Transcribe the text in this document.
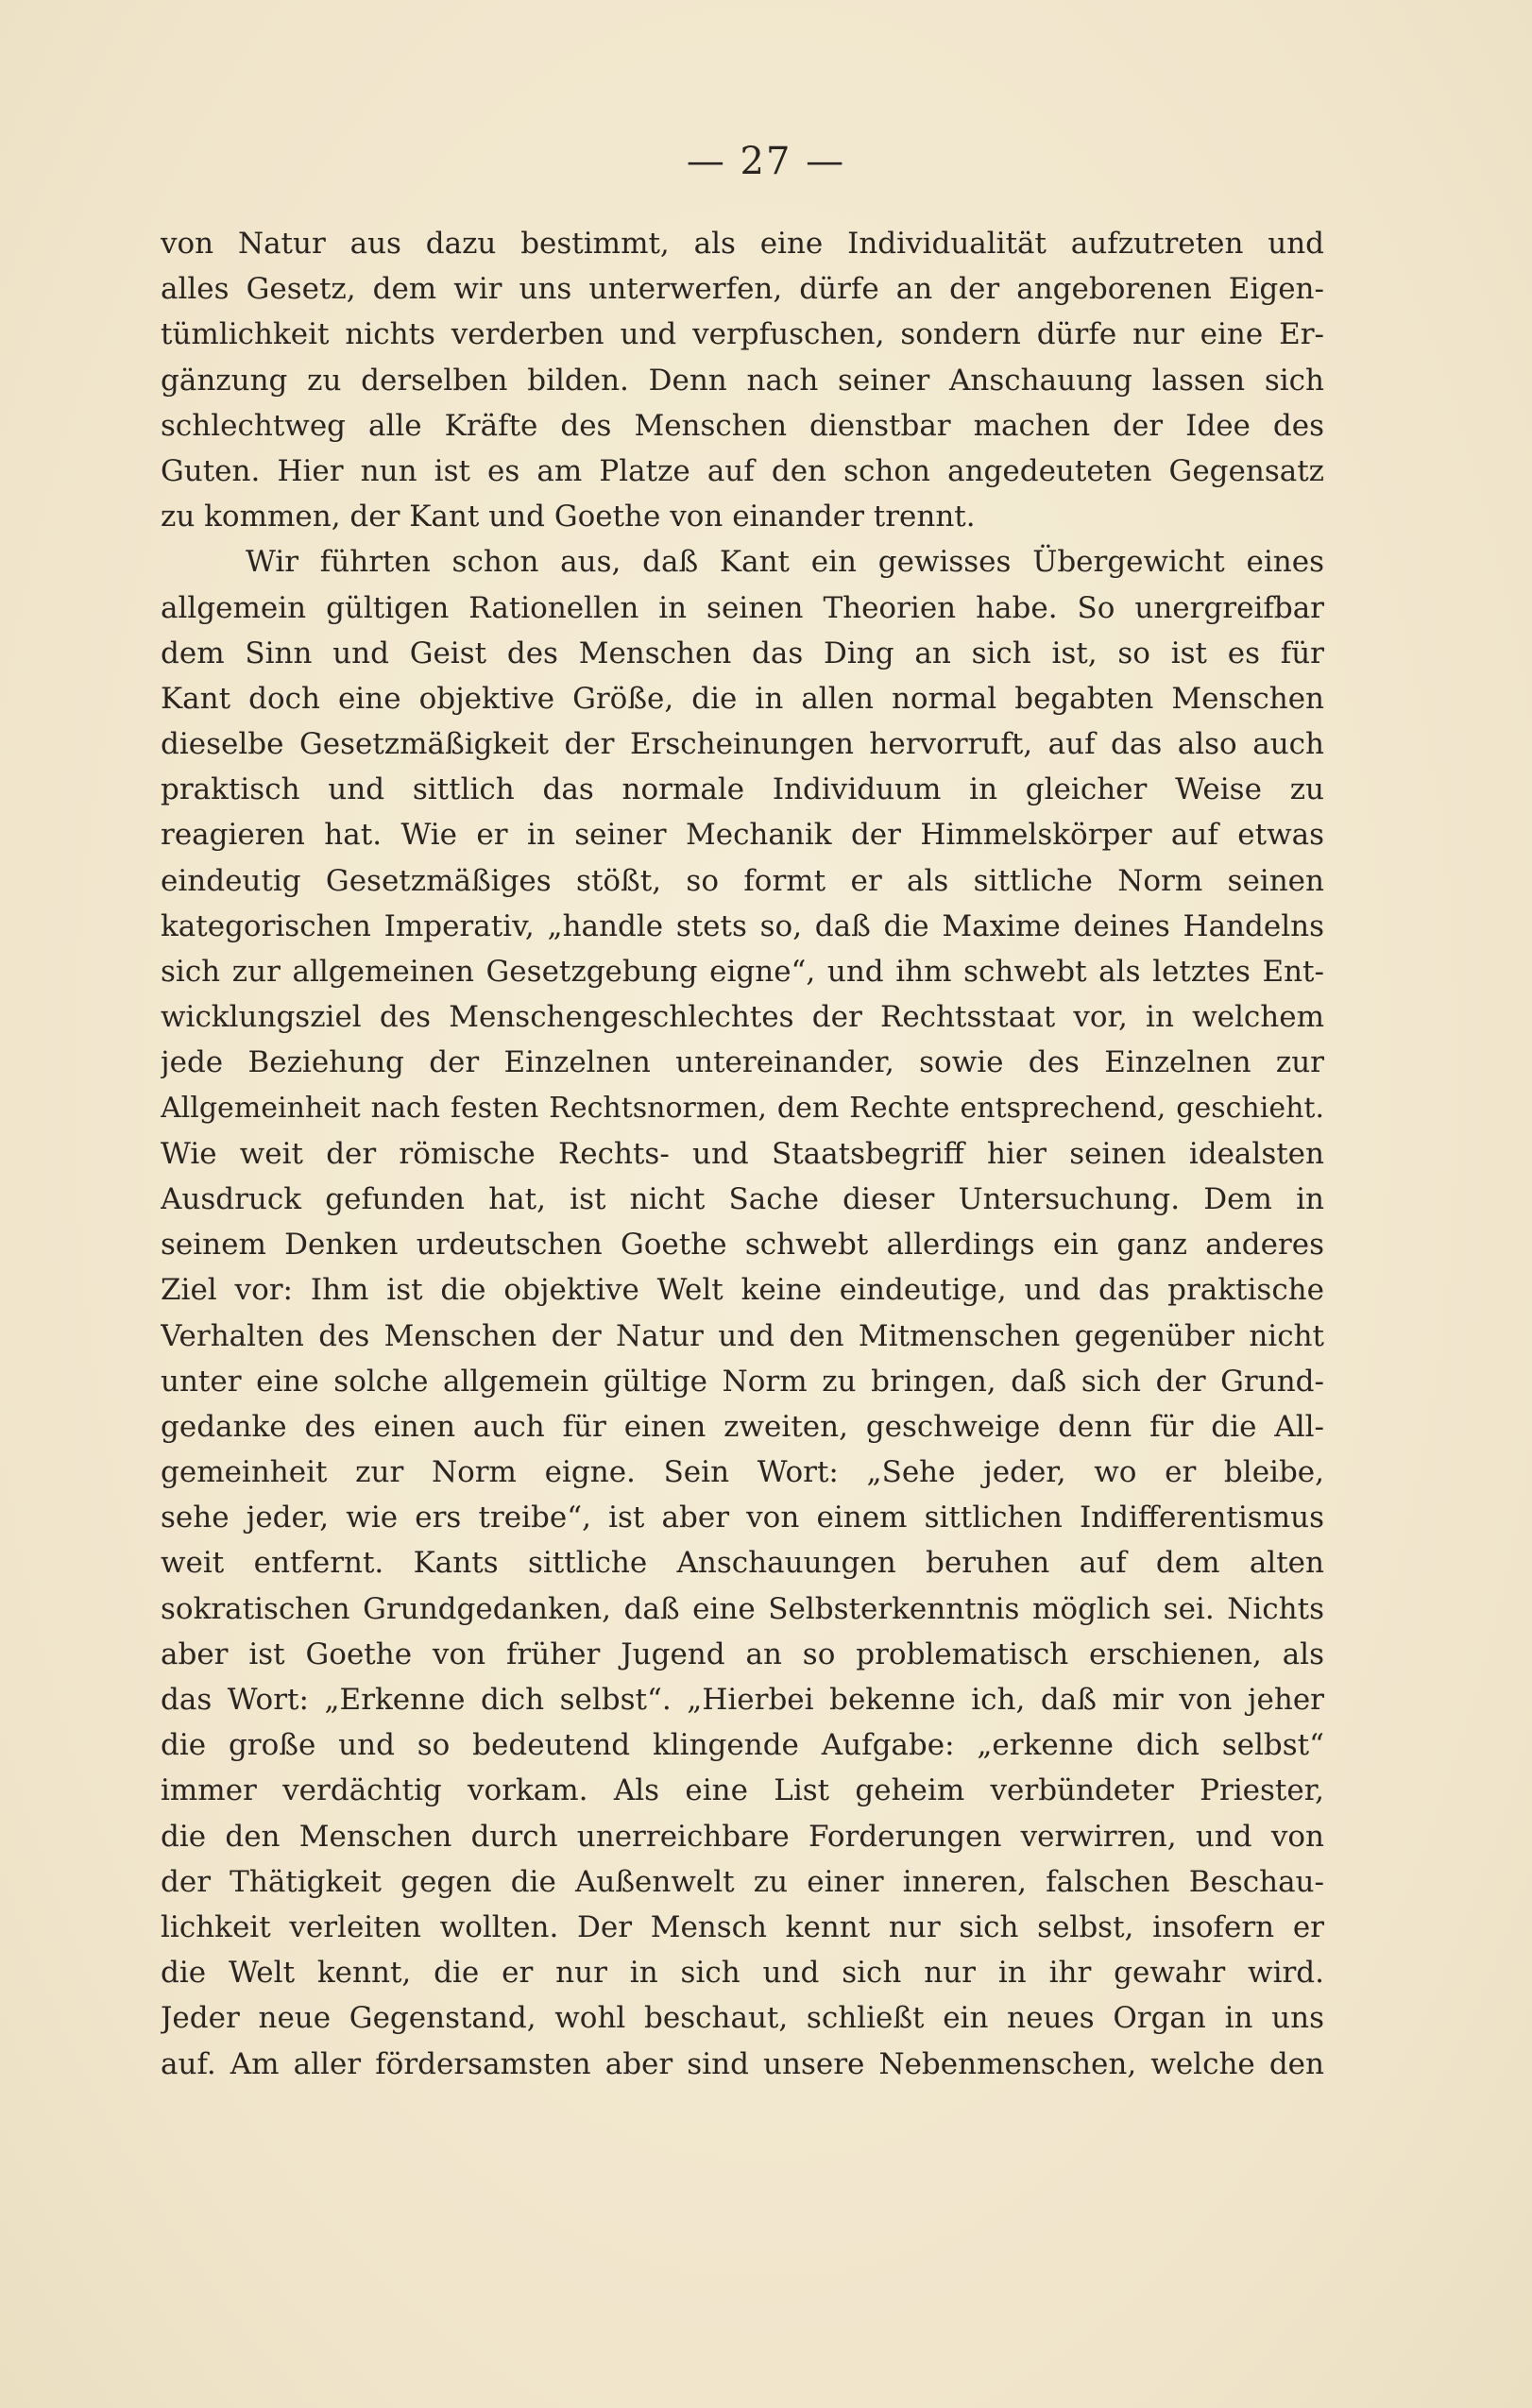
— 27 —
von Natur aus dazu bestimmt, als eine Individualität aufzutreten und
alles Gesetz, dem wir uns unterwerfen, dürfe an der angeborenen Eigen-
tümlichkeit nichts verderben und verpfuschen, sondern dürfe nur eine Er-
gänzung zu derselben bilden. Denn nach seiner Anschauung lassen sich
schlechtweg alle Kräfte des Menschen dienstbar machen der Idee des
Guten. Hier nun ist es am Platze auf den schon angedeuteten Gegensatz
zu kommen, der Kant und Goethe von einander trennt.
Wir führten schon aus, daß Kant ein gewisses Übergewicht eines
allgemein gültigen Rationellen in seinen Theorien habe. So unergreifbar
dem Sinn und Geist des Menschen das Ding an sich ist, so ist es für
Kant doch eine objektive Größe, die in allen normal begabten Menschen
dieselbe Gesetzmäßigkeit der Erscheinungen hervorruft, auf das also auch
praktisch und sittlich das normale Individuum in gleicher Weise zu
reagieren hat. Wie er in seiner Mechanik der Himmelskörper auf etwas
eindeutig Gesetzmäßiges stößt, so formt er als sittliche Norm seinen
kategorischen Imperativ, „handle stets so, daß die Maxime deines Handelns
sich zur allgemeinen Gesetzgebung eigne“, und ihm schwebt als letztes Ent-
wicklungsziel des Menschengeschlechtes der Rechtsstaat vor, in welchem
jede Beziehung der Einzelnen untereinander, sowie des Einzelnen zur
Allgemeinheit nach festen Rechtsnormen, dem Rechte entsprechend, geschieht.
Wie weit der römische Rechts- und Staatsbegriff hier seinen idealsten
Ausdruck gefunden hat, ist nicht Sache dieser Untersuchung. Dem in
seinem Denken urdeutschen Goethe schwebt allerdings ein ganz anderes
Ziel vor: Ihm ist die objektive Welt keine eindeutige, und das praktische
Verhalten des Menschen der Natur und den Mitmenschen gegenüber nicht
unter eine solche allgemein gültige Norm zu bringen, daß sich der Grund-
gedanke des einen auch für einen zweiten, geschweige denn für die All-
gemeinheit zur Norm eigne. Sein Wort: „Sehe jeder, wo er bleibe,
sehe jeder, wie ers treibe“, ist aber von einem sittlichen Indifferentismus
weit entfernt. Kants sittliche Anschauungen beruhen auf dem alten
sokratischen Grundgedanken, daß eine Selbsterkenntnis möglich sei. Nichts
aber ist Goethe von früher Jugend an so problematisch erschienen, als
das Wort: „Erkenne dich selbst“. „Hierbei bekenne ich, daß mir von jeher
die große und so bedeutend klingende Aufgabe: „erkenne dich selbst“
immer verdächtig vorkam. Als eine List geheim verbündeter Priester,
die den Menschen durch unerreichbare Forderungen verwirren, und von
der Thätigkeit gegen die Außenwelt zu einer inneren, falschen Beschau-
lichkeit verleiten wollten. Der Mensch kennt nur sich selbst, insofern er
die Welt kennt, die er nur in sich und sich nur in ihr gewahr wird.
Jeder neue Gegenstand, wohl beschaut, schließt ein neues Organ in uns
auf. Am aller fördersamsten aber sind unsere Nebenmenschen, welche den
